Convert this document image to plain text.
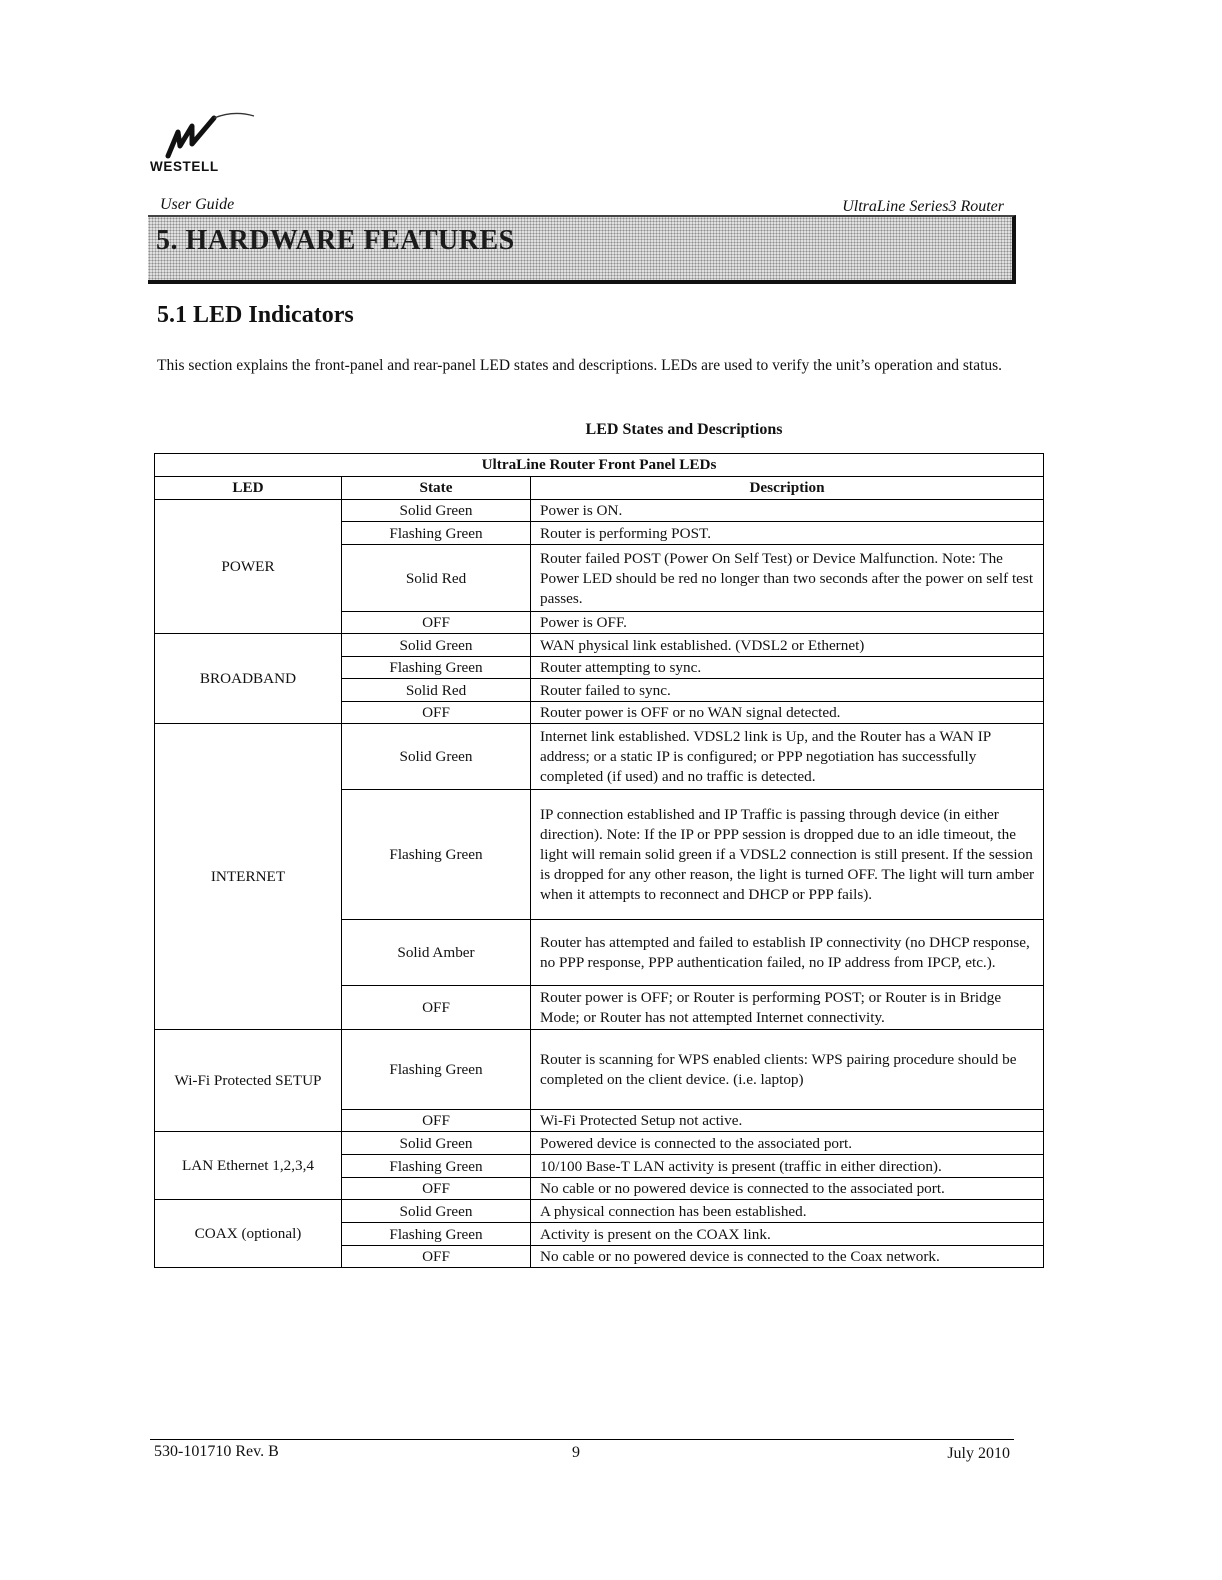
WESTELL
User Guide	UltraLine Series3 Router
5. HARDWARE FEATURES
5.1 LED Indicators
This section explains the front-panel and rear-panel LED states and descriptions. LEDs are used to verify the unit’s operation and status.
LED States and Descriptions
UltraLine Router Front Panel LEDs		
LED	State	Description
POWER	Solid Green	Power is ON.
	Flashing Green	Router is performing POST.
	Solid Red	Router failed POST (Power On Self Test) or Device Malfunction. Note: The Power LED should be red no longer than two seconds after the power on self test passes.
	OFF	Power is OFF.
BROADBAND	Solid Green	WAN physical link established. (VDSL2 or Ethernet)
	Flashing Green	Router attempting to sync.
	Solid Red	Router failed to sync.
	OFF	Router power is OFF or no WAN signal detected.
INTERNET	Solid Green	Internet link established. VDSL2 link is Up, and the Router has a WAN IP address; or a static IP is configured; or PPP negotiation has successfully completed (if used) and no traffic is detected.
	Flashing Green	IP connection established and IP Traffic is passing through device (in either direction). Note: If the IP or PPP session is dropped due to an idle timeout, the light will remain solid green if a VDSL2 connection is still present. If the session is dropped for any other reason, the light is turned OFF. The light will turn amber when it attempts to reconnect and DHCP or PPP fails).
	Solid Amber	Router has attempted and failed to establish IP connectivity (no DHCP response, no PPP response, PPP authentication failed, no IP address from IPCP, etc.).
	OFF	Router power is OFF; or Router is performing POST; or Router is in Bridge Mode; or Router has not attempted Internet connectivity.
Wi-Fi Protected SETUP	Flashing Green	Router is scanning for WPS enabled clients: WPS pairing procedure should be completed on the client device. (i.e. laptop)
	OFF	Wi-Fi Protected Setup not active.
LAN Ethernet 1,2,3,4	Solid Green	Powered device is connected to the associated port.
	Flashing Green	10/100 Base-T LAN activity is present (traffic in either direction).
	OFF	No cable or no powered device is connected to the associated port.
COAX (optional)	Solid Green	A physical connection has been established.
	Flashing Green	Activity is present on the COAX link.
	OFF	No cable or no powered device is connected to the Coax network.
530-101710 Rev. B	9	July 2010
